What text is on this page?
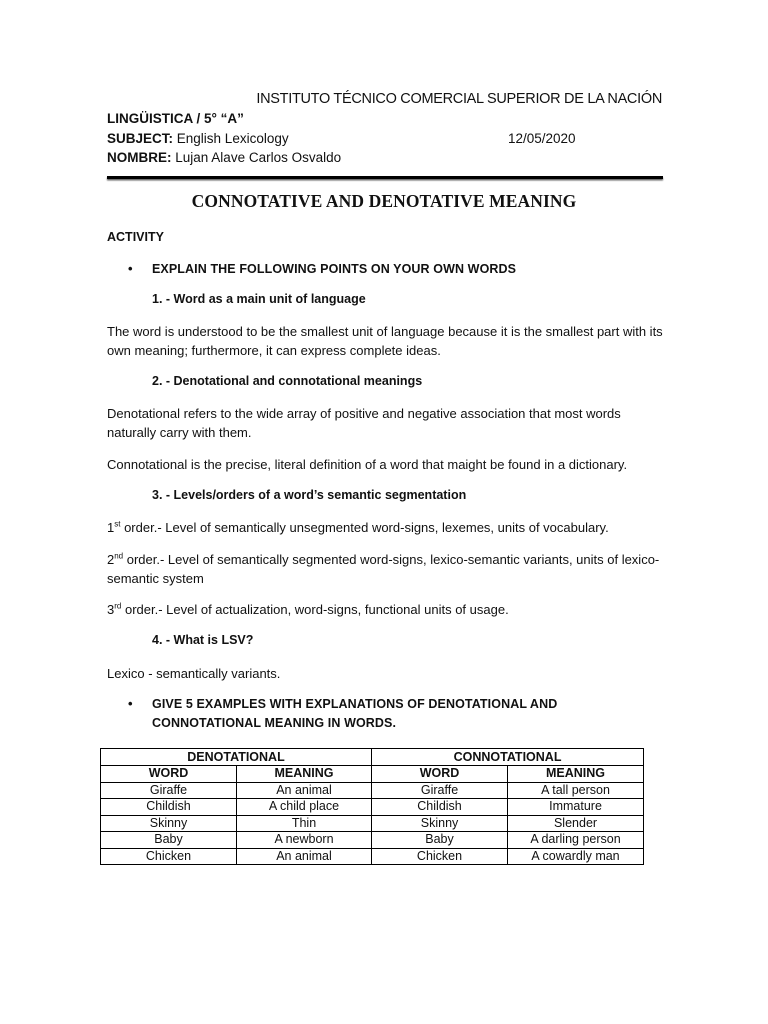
INSTITUTO TÉCNICO COMERCIAL SUPERIOR DE LA NACIÓN
LINGÜISTICA / 5° “A”
SUBJECT: English Lexicology	12/05/2020
NOMBRE: Lujan Alave Carlos Osvaldo
CONNOTATIVE AND DENOTATIVE MEANING
ACTIVITY
• EXPLAIN THE FOLLOWING POINTS ON YOUR OWN WORDS
1. - Word as a main unit of language
The word is understood to be the smallest unit of language because it is the smallest part with its own meaning; furthermore, it can express complete ideas.
2. - Denotational and connotational meanings
Denotational refers to the wide array of positive and negative association that most words naturally carry with them.
Connotational is the precise, literal definition of a word that maight be found in a dictionary.
3. - Levels/orders of a word’s semantic segmentation
1st order.- Level of semantically unsegmented word-signs, lexemes, units of vocabulary.
2nd order.- Level of semantically segmented word-signs, lexico-semantic variants, units of lexico-semantic system
3rd order.- Level of actualization, word-signs, functional units of usage.
4. - What is LSV?
Lexico - semantically variants.
• GIVE 5 EXAMPLES WITH EXPLANATIONS OF DENOTATIONAL AND
CONNOTATIONAL MEANING IN WORDS.
DENOTATIONAL		CONNOTATIONAL	
WORD	MEANING	WORD	MEANING
Giraffe	An animal	Giraffe	A tall person
Childish	A child place	Childish	Immature
Skinny	Thin	Skinny	Slender
Baby	A newborn	Baby	A darling person
Chicken	An animal	Chicken	A cowardly man
